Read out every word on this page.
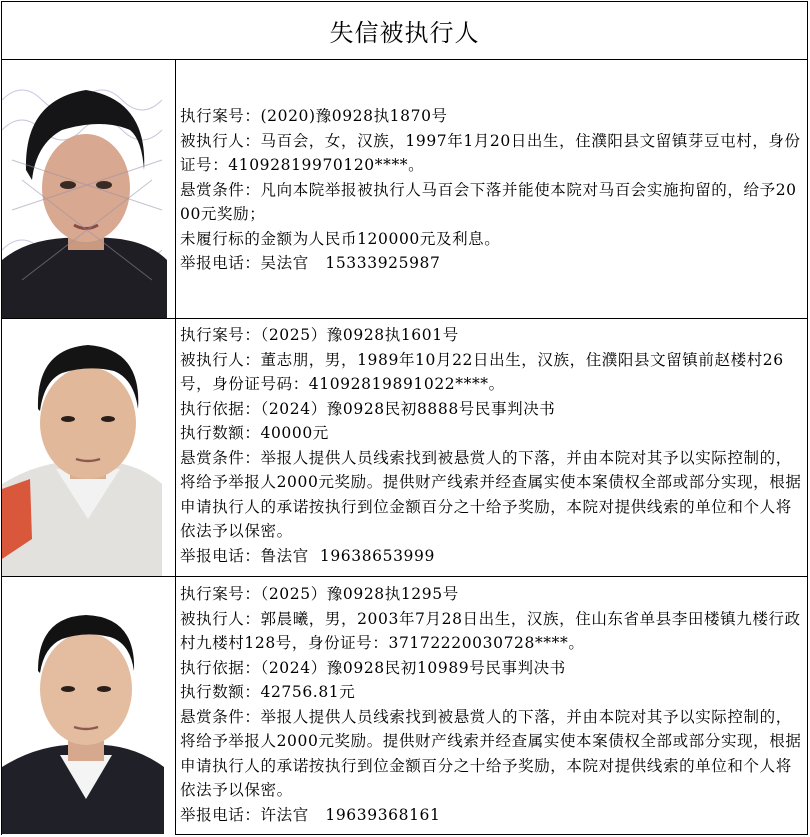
失信被执行人
执行案号：(2020)豫0928执1870号
被执行人：马百会，女，汉族，1997年1月20日出生，住濮阳县文留镇芽豆屯村，身份证号：41092819970120****。
悬赏条件：凡向本院举报被执行人马百会下落并能使本院对马百会实施拘留的，给予2000元奖励；
未履行标的金额为人民币120000元及利息。
举报电话：吴法官   15333925987
执行案号：（2025）豫0928执1601号
被执行人：董志朋，男，1989年10月22日出生，汉族，住濮阳县文留镇前赵楼村26号，身份证号码：41092819891022****。
执行依据：（2024）豫0928民初8888号民事判决书
执行数额：40000元
悬赏条件：举报人提供人员线索找到被悬赏人的下落，并由本院对其予以实际控制的，将给予举报人2000元奖励。提供财产线索并经查属实使本案债权全部或部分实现，根据申请执行人的承诺按执行到位金额百分之十给予奖励，本院对提供线索的单位和个人将依法予以保密。
举报电话：鲁法官  19638653999
执行案号：（2025）豫0928执1295号
被执行人：郭晨曦，男，2003年7月28日出生，汉族，住山东省单县李田楼镇九楼行政村九楼村128号，身份证号：37172220030728****。
执行依据：（2024）豫0928民初10989号民事判决书
执行数额：42756.81元
悬赏条件：举报人提供人员线索找到被悬赏人的下落，并由本院对其予以实际控制的，将给予举报人2000元奖励。提供财产线索并经查属实使本案债权全部或部分实现，根据申请执行人的承诺按执行到位金额百分之十给予奖励，本院对提供线索的单位和个人将依法予以保密。
举报电话：许法官   19639368161
